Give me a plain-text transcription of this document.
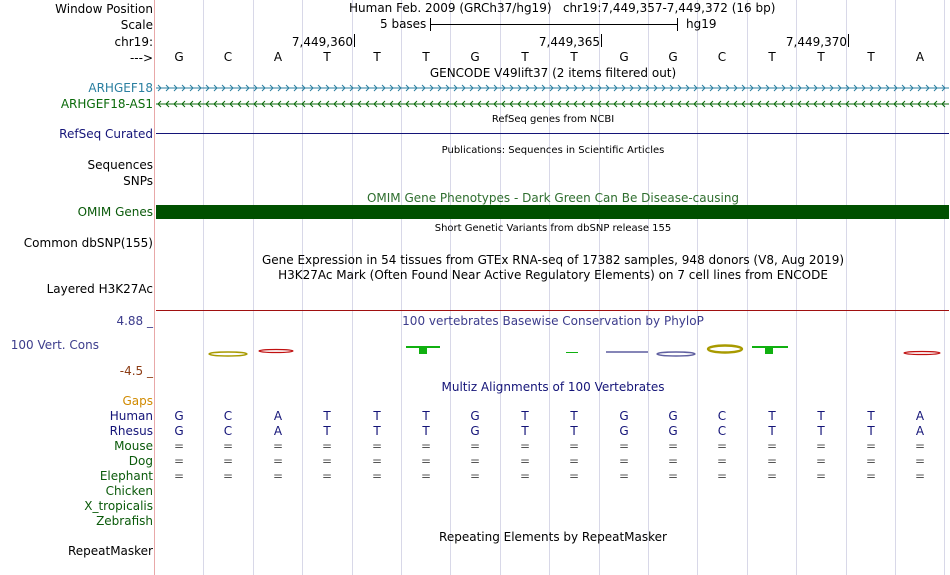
Window Position	Human Feb. 2009 (GRCh37/hg19)   chr19:7,449,357-7,449,372 (16 bp)
Scale	5 bases	hg19
chr19:	7,449,360	7,449,365	7,449,370
---> G	C	A	T	T	T	G	T	T	G	G	C	T	T	T	A
GENCODE V49lift37 (2 items filtered out)
ARHGEF18
ARHGEF18-AS1
RefSeq genes from NCBI
RefSeq Curated
Publications: Sequences in Scientific Articles
Sequences
SNPs
OMIM Gene Phenotypes - Dark Green Can Be Disease-causing
OMIM Genes
Short Genetic Variants from dbSNP release 155
Common dbSNP(155)
Gene Expression in 54 tissues from GTEx RNA-seq of 17382 samples, 948 donors (V8, Aug 2019)
H3K27Ac Mark (Often Found Near Active Regulatory Elements) on 7 cell lines from ENCODE
Layered H3K27Ac
100 vertebrates Basewise Conservation by PhyloP
4.88 _
100 Vert. Cons
-4.5 _
Multiz Alignments of 100 Vertebrates
Gaps
Human G	C	A	T	T	T	G	T	T	G	G	C	T	T	T	A
Rhesus G	C	A	T	T	T	G	T	T	G	G	C	T	T	T	A
Mouse =	=	=	=	=	=	=	=	=	=	=	=	=	=	=	=
Dog =	=	=	=	=	=	=	=	=	=	=	=	=	=	=	=
Elephant =	=	=	=	=	=	=	=	=	=	=	=	=	=	=	=
Chicken
X_tropicalis
Zebrafish
Repeating Elements by RepeatMasker
RepeatMasker
